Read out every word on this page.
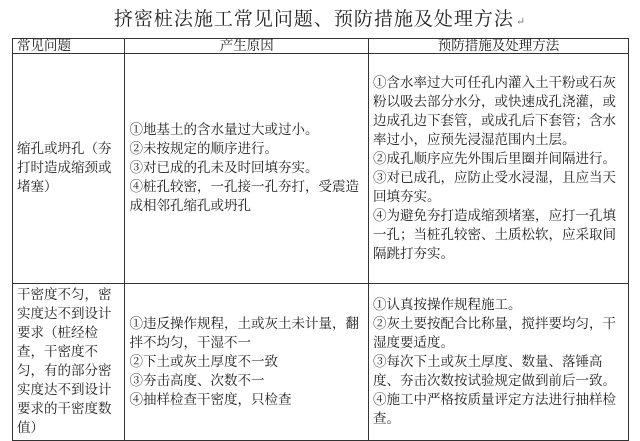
挤密桩法施工常见问题、预防措施及处理方法 ↵
常见问题	产生原因	预防措施及处理方法
缩孔或坍孔（夯打时造成缩颈或堵塞）	①地基土的含水量过大或过小。
②未按规定的顺序进行。
③对已成的孔未及时回填夯实。
④桩孔较密，一孔接一孔夯打，受震造成相邻孔缩孔或坍孔	①含水率过大可任孔内灌入土干粉或石灰粉以吸去部分水分，或快速成孔浇灌，或边成孔边下套管，或成孔后下套管；含水率过小，应预先浸湿范围内土层。
②成孔顺序应先外围后里圈并间隔进行。
③对已成孔，应防止受水浸湿，且应当天回填夯实。
④为避免夯打造成缩颈堵塞，应打一孔填一孔；当桩孔较密、土质松软，应采取间隔跳打夯实。

干密度不匀，密实度达不到设计要求（桩经检查，干密度不匀，有的部分密实度达不到设计要求的干密度数值）	①违反操作规程，土或灰土未计量，翻拌不均匀，干湿不一
②下土或灰土厚度不一致
③夯击高度、次数不一
④抽样检查干密度，只检查	①认真按操作规程施工。
②灰土要按配合比称量，搅拌要均匀，干湿度要适度。
③每次下土或灰土厚度、数量、落锤高度、夯击次数按试验规定做到前后一致。
④施工中严格按质量评定方法进行抽样检查。
